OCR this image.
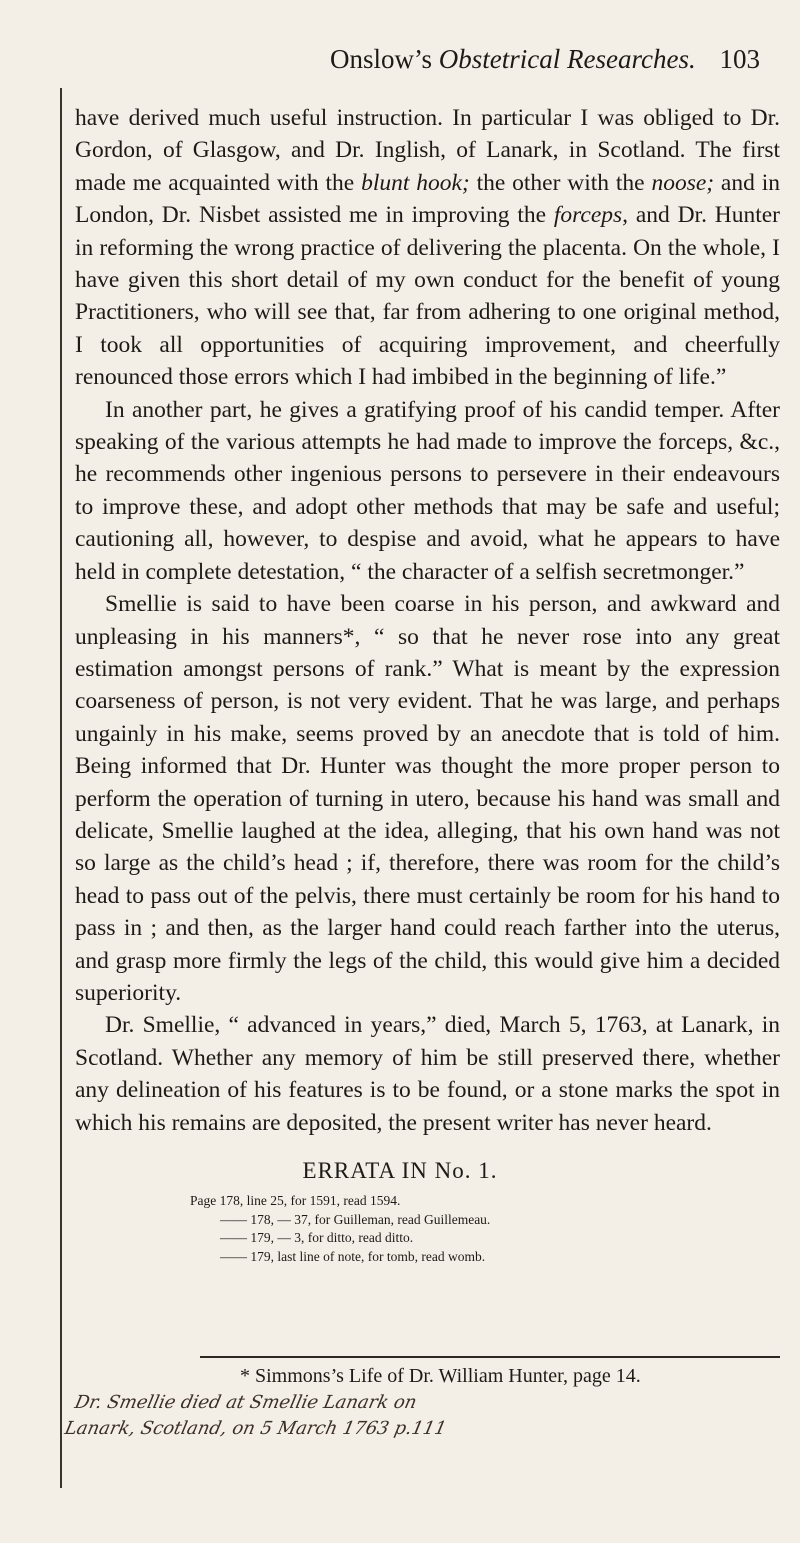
Onslow’s Obstetrical Researches. 103

have derived much useful instruction. In particular I was obliged to Dr. Gordon, of Glasgow, and Dr. Inglish, of Lanark, in Scotland. The first made me acquainted with the blunt hook; the other with the noose; and in London, Dr. Nisbet assisted me in improving the forceps, and Dr. Hunter in reforming the wrong practice of delivering the placenta. On the whole, I have given this short detail of my own conduct for the benefit of young Practitioners, who will see that, far from adhering to one original method, I took all opportunities of acquiring improvement, and cheerfully renounced those errors which I had imbibed in the beginning of life.”

In another part, he gives a gratifying proof of his candid temper. After speaking of the various attempts he had made to improve the forceps, &c., he recommends other ingenious persons to persevere in their endeavours to improve these, and adopt other methods that may be safe and useful; cautioning all, however, to despise and avoid, what he appears to have held in complete detestation, “ the character of a selfish secretmonger.”

Smellie is said to have been coarse in his person, and awkward and unpleasing in his manners*, “ so that he never rose into any great estimation amongst persons of rank.” What is meant by the expression coarseness of person, is not very evident. That he was large, and perhaps ungainly in his make, seems proved by an anecdote that is told of him. Being informed that Dr. Hunter was thought the more proper person to perform the operation of turning in utero, because his hand was small and delicate, Smellie laughed at the idea, alleging, that his own hand was not so large as the child’s head ; if, therefore, there was room for the child’s head to pass out of the pelvis, there must certainly be room for his hand to pass in ; and then, as the larger hand could reach farther into the uterus, and grasp more firmly the legs of the child, this would give him a decided superiority.

Dr. Smellie, “ advanced in years,” died, March 5, 1763, at Lanark, in Scotland. Whether any memory of him be still preserved there, whether any delineation of his features is to be found, or a stone marks the spot in which his remains are deposited, the present writer has never heard.

ERRATA IN No. 1.
Page 178, line 25, for 1591, read 1594.
—— 178, — 37, for Guilleman, read Guillemeau.
—— 179, — 3, for ditto, read ditto.
—— 179, last line of note, for tomb, read womb.
* Simmons’s Life of Dr. William Hunter, page 14.
Dr. Smellie died at Smellie Lanark on
Lanark, Scotland, on 5 March 1763 p.111
